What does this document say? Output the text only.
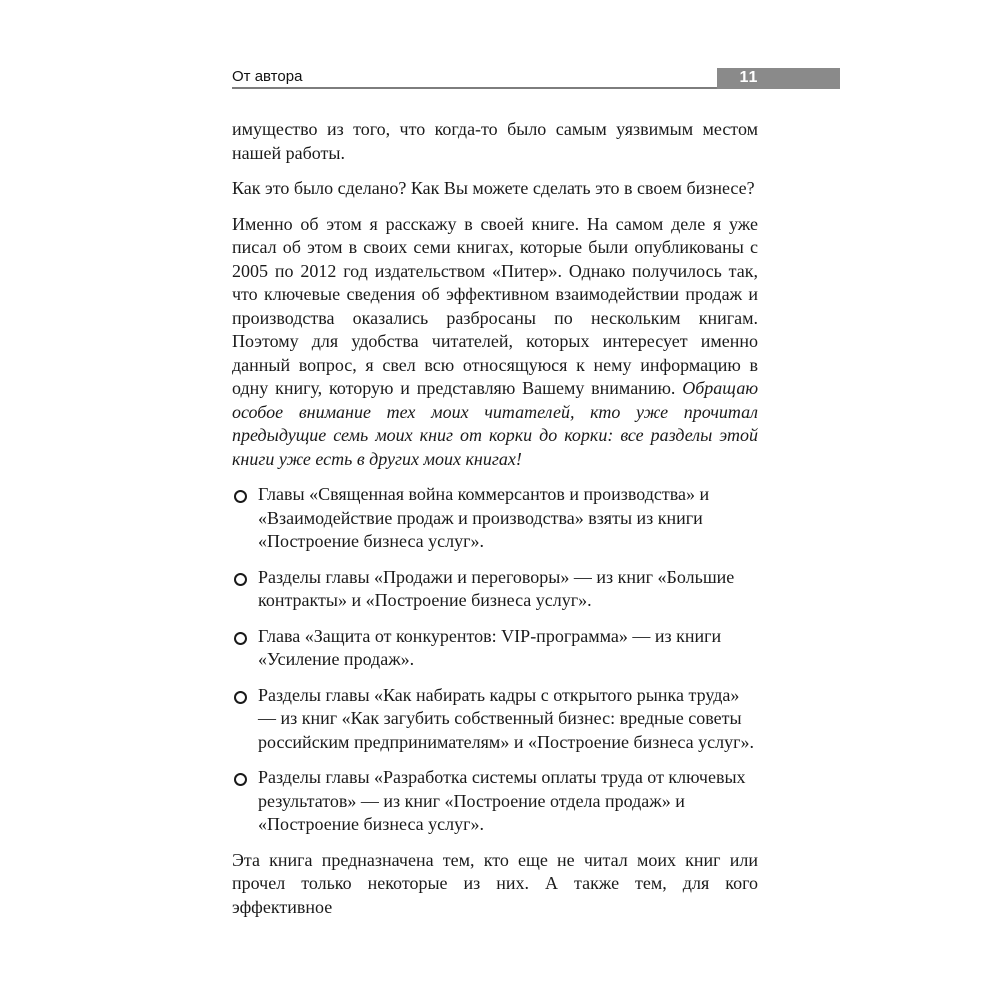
От автора	11

имущество из того, что когда-то было самым уязвимым местом нашей работы.

Как это было сделано? Как Вы можете сделать это в своем бизнесе?

Именно об этом я расскажу в своей книге. На самом деле я уже писал об этом в своих семи книгах, которые были опубликованы с 2005 по 2012 год издательством «Питер». Однако получилось так, что ключевые сведения об эффективном взаимодействии продаж и производства оказались разбросаны по нескольким книгам. Поэтому для удобства читателей, которых интересует именно данный вопрос, я свел всю относящуюся к нему информацию в одну книгу, которую и представляю Вашему вниманию. Обращаю особое внимание тех моих читателей, кто уже прочитал предыдущие семь моих книг от корки до корки: все разделы этой книги уже есть в других моих книгах!

Главы «Священная война коммерсантов и производства» и «Взаимодействие продаж и производства» взяты из книги «Построение бизнеса услуг».
Разделы главы «Продажи и переговоры» — из книг «Большие контракты» и «Построение бизнеса услуг».
Глава «Защита от конкурентов: VIP-программа» — из книги «Усиление продаж».
Разделы главы «Как набирать кадры с открытого рынка труда» — из книг «Как загубить собственный бизнес: вредные советы российским предпринимателям» и «Построение бизнеса услуг».
Разделы главы «Разработка системы оплаты труда от ключевых результатов» — из книг «Построение отдела продаж» и «Построение бизнеса услуг».

Эта книга предназначена тем, кто еще не читал моих книг или прочел только некоторые из них. А также тем, для кого эффективное
